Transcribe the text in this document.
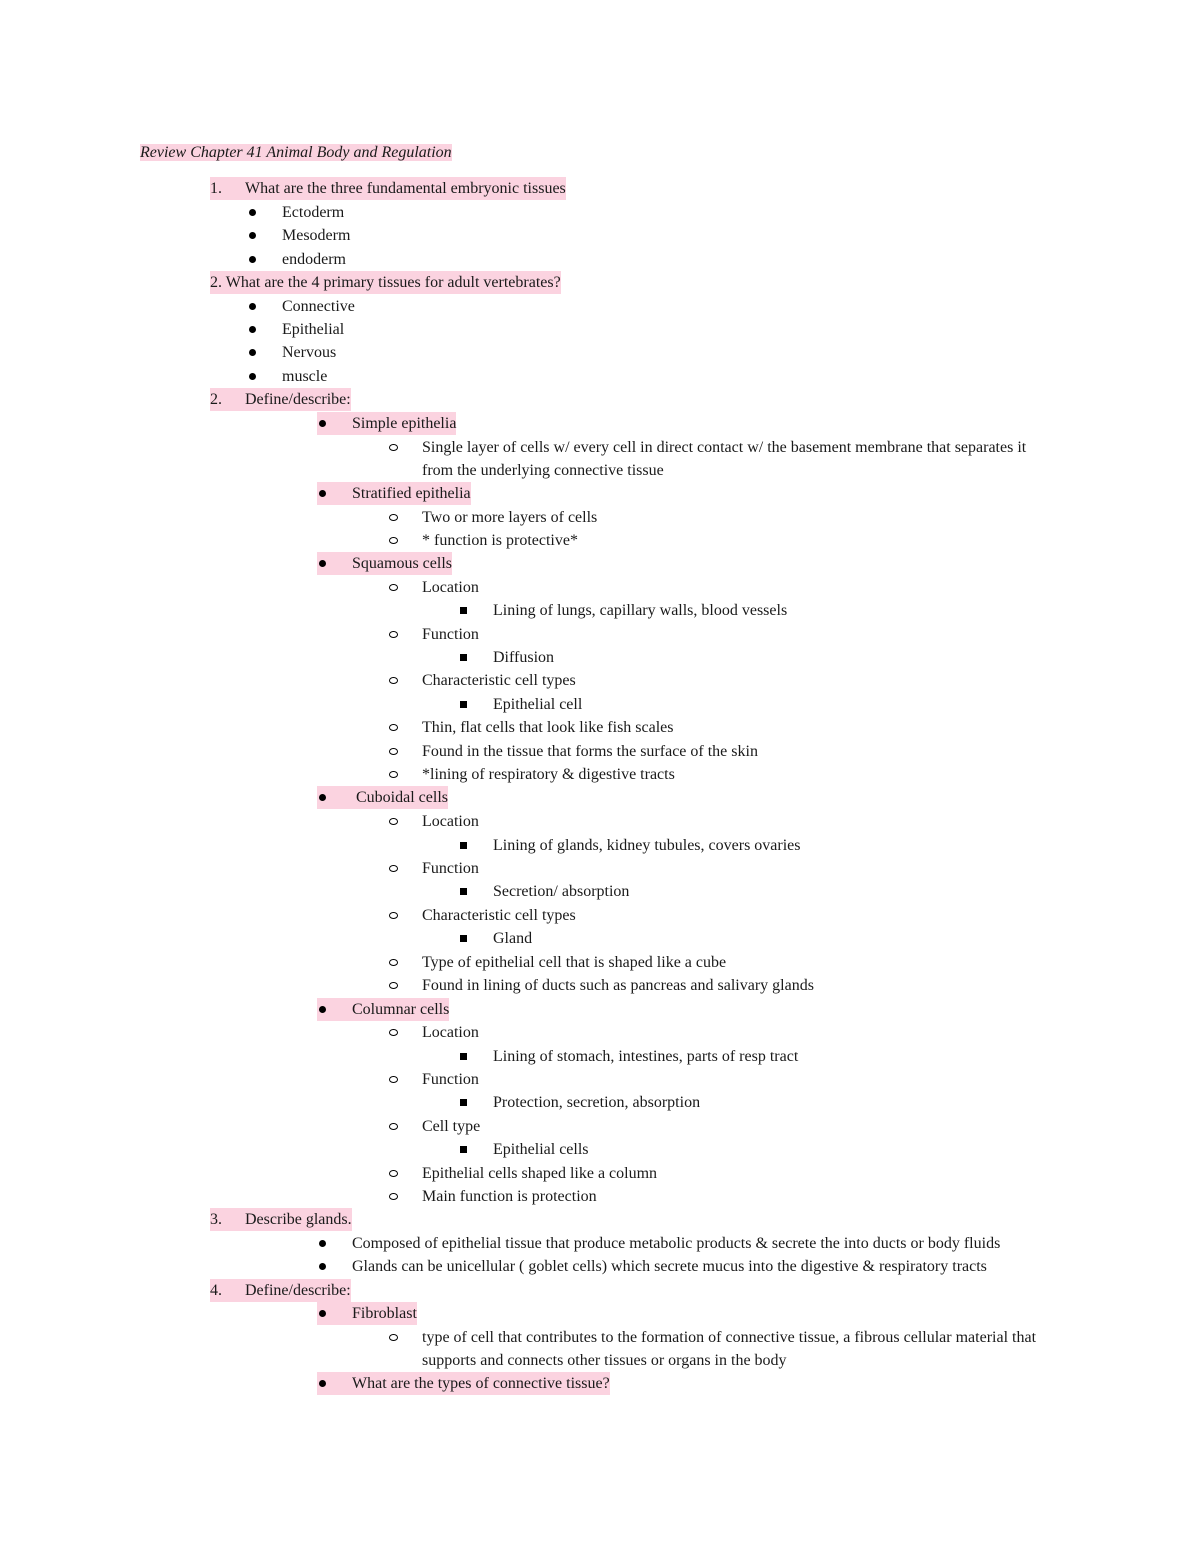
Review Chapter 41 Animal Body and Regulation
1. What are the three fundamental embryonic tissues
Ectoderm
Mesoderm
endoderm
2. What are the 4 primary tissues for adult vertebrates?
Connective
Epithelial
Nervous
muscle
2. Define/describe:
Simple epithelia
Single layer of cells w/ every cell in direct contact w/ the basement membrane that separates it
from the underlying connective tissue
Stratified epithelia
Two or more layers of cells
* function is protective*
Squamous cells
Location
Lining of lungs, capillary walls, blood vessels
Function
Diffusion
Characteristic cell types
Epithelial cell
Thin, flat cells that look like fish scales
Found in the tissue that forms the surface of the skin
*lining of respiratory & digestive tracts
Cuboidal cells
Location
Lining of glands, kidney tubules, covers ovaries
Function
Secretion/ absorption
Characteristic cell types
Gland
Type of epithelial cell that is shaped like a cube
Found in lining of ducts such as pancreas and salivary glands
Columnar cells
Location
Lining of stomach, intestines, parts of resp tract
Function
Protection, secretion, absorption
Cell type
Epithelial cells
Epithelial cells shaped like a column
Main function is protection
3. Describe glands.
Composed of epithelial tissue that produce metabolic products & secrete the into ducts or body fluids
Glands can be unicellular ( goblet cells) which secrete mucus into the digestive & respiratory tracts
4. Define/describe:
Fibroblast
type of cell that contributes to the formation of connective tissue, a fibrous cellular material that
supports and connects other tissues or organs in the body
What are the types of connective tissue?
